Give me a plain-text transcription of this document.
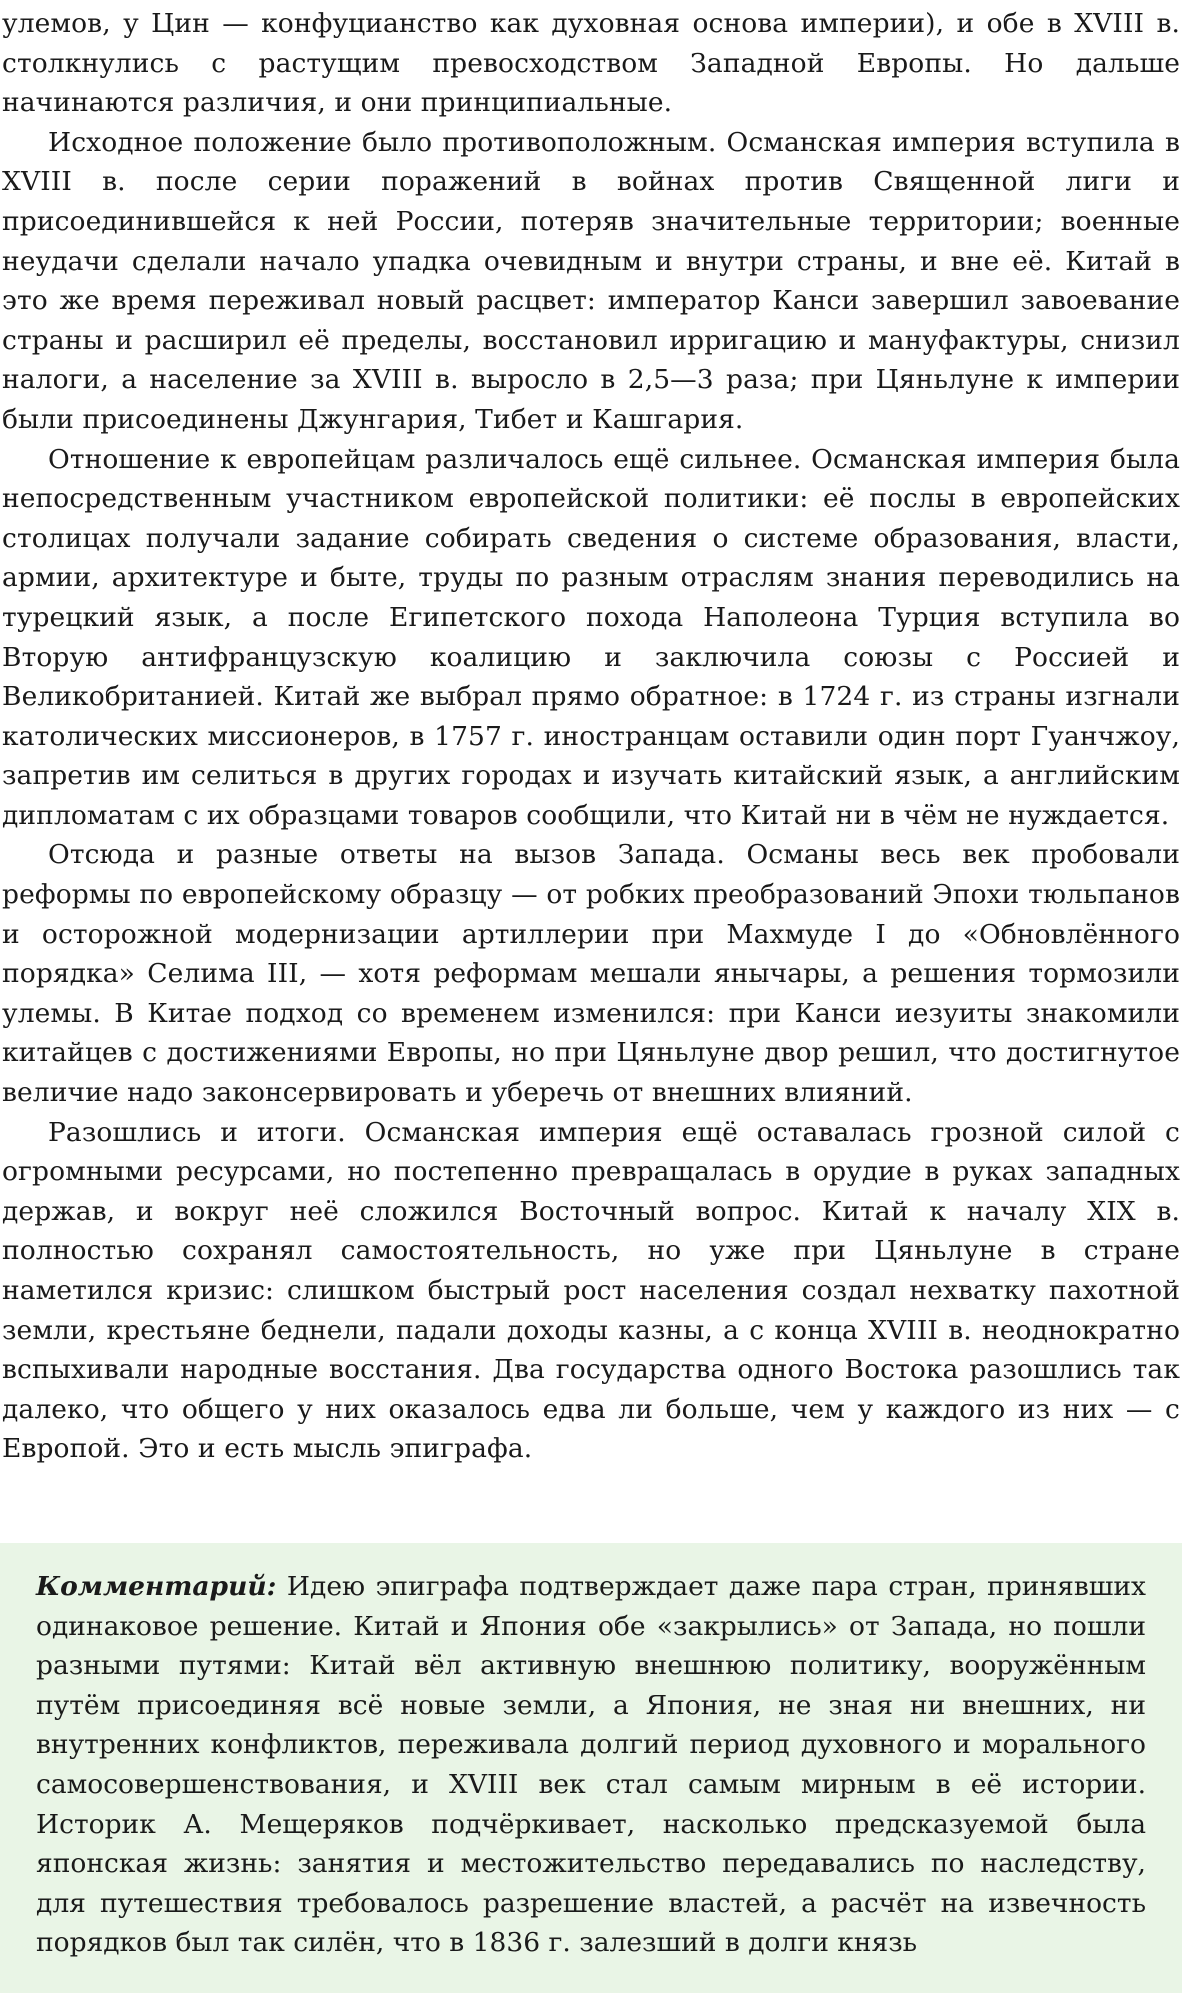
улемов, у Цин — конфуцианство как духовная основа империи), и обе в XVIII в. столкнулись с растущим превосходством Западной Европы. Но дальше начинаются различия, и они принципиальные.

Исходное положение было противоположным. Османская империя вступила в XVIII в. после серии поражений в войнах против Священной лиги и присоединившейся к ней России, потеряв значительные территории; военные неудачи сделали начало упадка очевидным и внутри страны, и вне её. Китай в это же время переживал новый расцвет: император Канси завершил завоевание страны и расширил её пределы, восстановил ирригацию и мануфактуры, снизил налоги, а население за XVIII в. выросло в 2,5—3 раза; при Цяньлуне к империи были присоединены Джунгария, Тибет и Кашгария.

Отношение к европейцам различалось ещё сильнее. Османская империя была непосредственным участником европейской политики: её послы в европейских столицах получали задание собирать сведения о системе образования, власти, армии, архитектуре и быте, труды по разным отраслям знания переводились на турецкий язык, а после Египетского похода Наполеона Турция вступила во Вторую антифранцузскую коалицию и заключила союзы с Россией и Великобританией. Китай же выбрал прямо обратное: в 1724 г. из страны изгнали католических миссионеров, в 1757 г. иностранцам оставили один порт Гуанчжоу, запретив им селиться в других городах и изучать китайский язык, а английским дипломатам с их образцами товаров сообщили, что Китай ни в чём не нуждается.

Отсюда и разные ответы на вызов Запада. Османы весь век пробовали реформы по европейскому образцу — от робких преобразований Эпохи тюльпанов и осторожной модернизации артиллерии при Махмуде I до «Обновлённого порядка» Селима III, — хотя реформам мешали янычары, а решения тормозили улемы. В Китае подход со временем изменился: при Канси иезуиты знакомили китайцев с достижениями Европы, но при Цяньлуне двор решил, что достигнутое величие надо законсервировать и уберечь от внешних влияний.

Разошлись и итоги. Османская империя ещё оставалась грозной силой с огромными ресурсами, но постепенно превращалась в орудие в руках западных держав, и вокруг неё сложился Восточный вопрос. Китай к началу XIX в. полностью сохранял самостоятельность, но уже при Цяньлуне в стране наметился кризис: слишком быстрый рост населения создал нехватку пахотной земли, крестьяне беднели, падали доходы казны, а с конца XVIII в. неоднократно вспыхивали народные восстания. Два государства одного Востока разошлись так далеко, что общего у них оказалось едва ли больше, чем у каждого из них — с Европой. Это и есть мысль эпиграфа.

Комментарий: Идею эпиграфа подтверждает даже пара стран, принявших одинаковое решение. Китай и Япония обе «закрылись» от Запада, но пошли разными путями: Китай вёл активную внешнюю политику, вооружённым путём присоединяя всё новые земли, а Япония, не зная ни внешних, ни внутренних конфликтов, переживала долгий период духовного и морального самосовершенствования, и XVIII век стал самым мирным в её истории. Историк А. Мещеряков подчёркивает, насколько предсказуемой была японская жизнь: занятия и местожительство передавались по наследству, для путешествия требовалось разрешение властей, а расчёт на извечность порядков был так силён, что в 1836 г. залезший в долги князь
